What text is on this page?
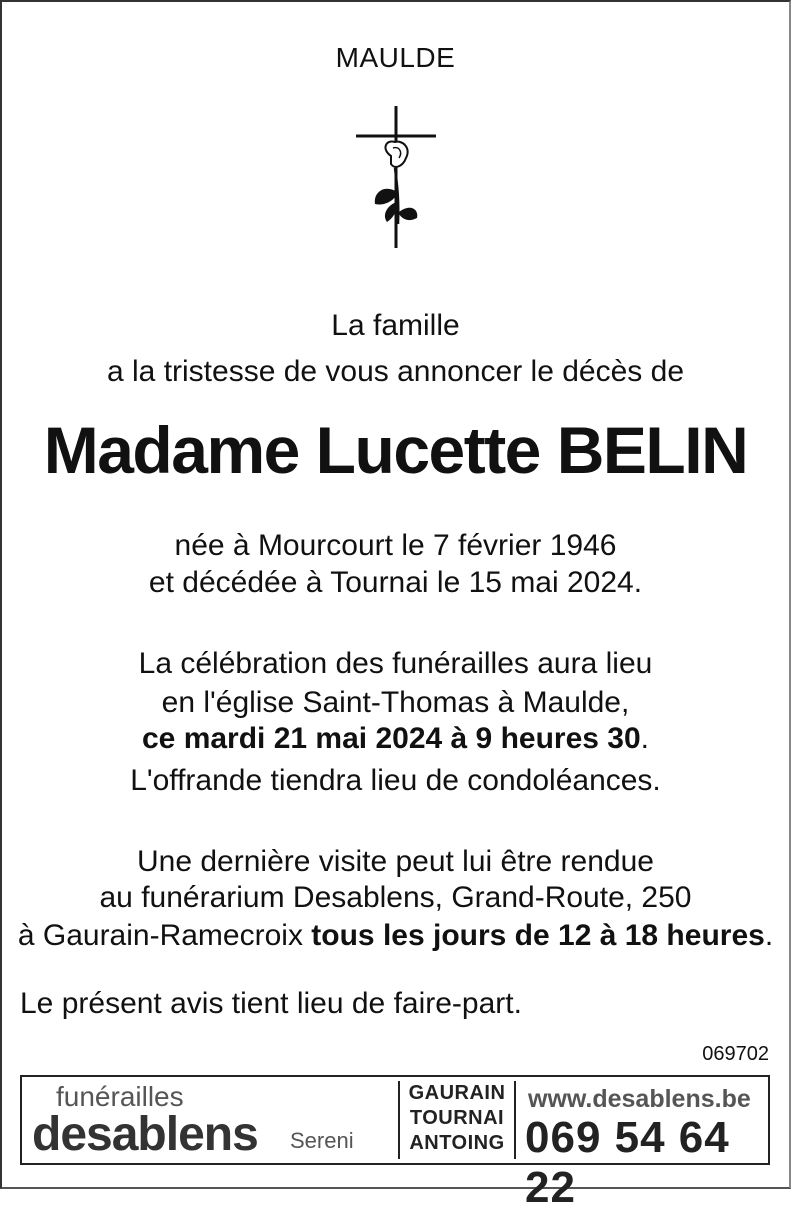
MAULDE
La famille
a la tristesse de vous annoncer le décès de
Madame Lucette BELIN
née à Mourcourt le 7 février 1946
et décédée à Tournai le 15 mai 2024.
La célébration des funérailles aura lieu
en l'église Saint-Thomas à Maulde,
ce mardi 21 mai 2024 à 9 heures 30.
L'offrande tiendra lieu de condoléances.
Une dernière visite peut lui être rendue
au funérarium Desablens, Grand-Route, 250
à Gaurain-Ramecroix tous les jours de 12 à 18 heures.
Le présent avis tient lieu de faire-part.
069702
funérailles
desablens Sereni
GAURAIN
TOURNAI
ANTOING
www.desablens.be
069 54 64 22
